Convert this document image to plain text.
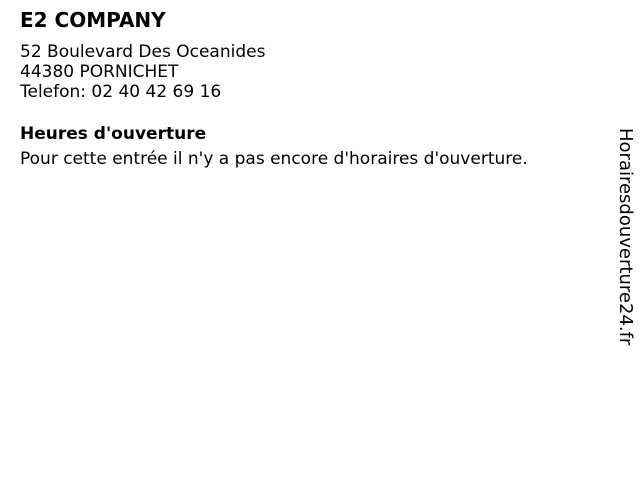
E2 COMPANY
52 Boulevard Des Oceanides
44380 PORNICHET
Telefon: 02 40 42 69 16
Heures d'ouverture

Pour cette entrée il n'y a pas encore d'horaires d'ouverture.	Horairesdouverture24.fr
